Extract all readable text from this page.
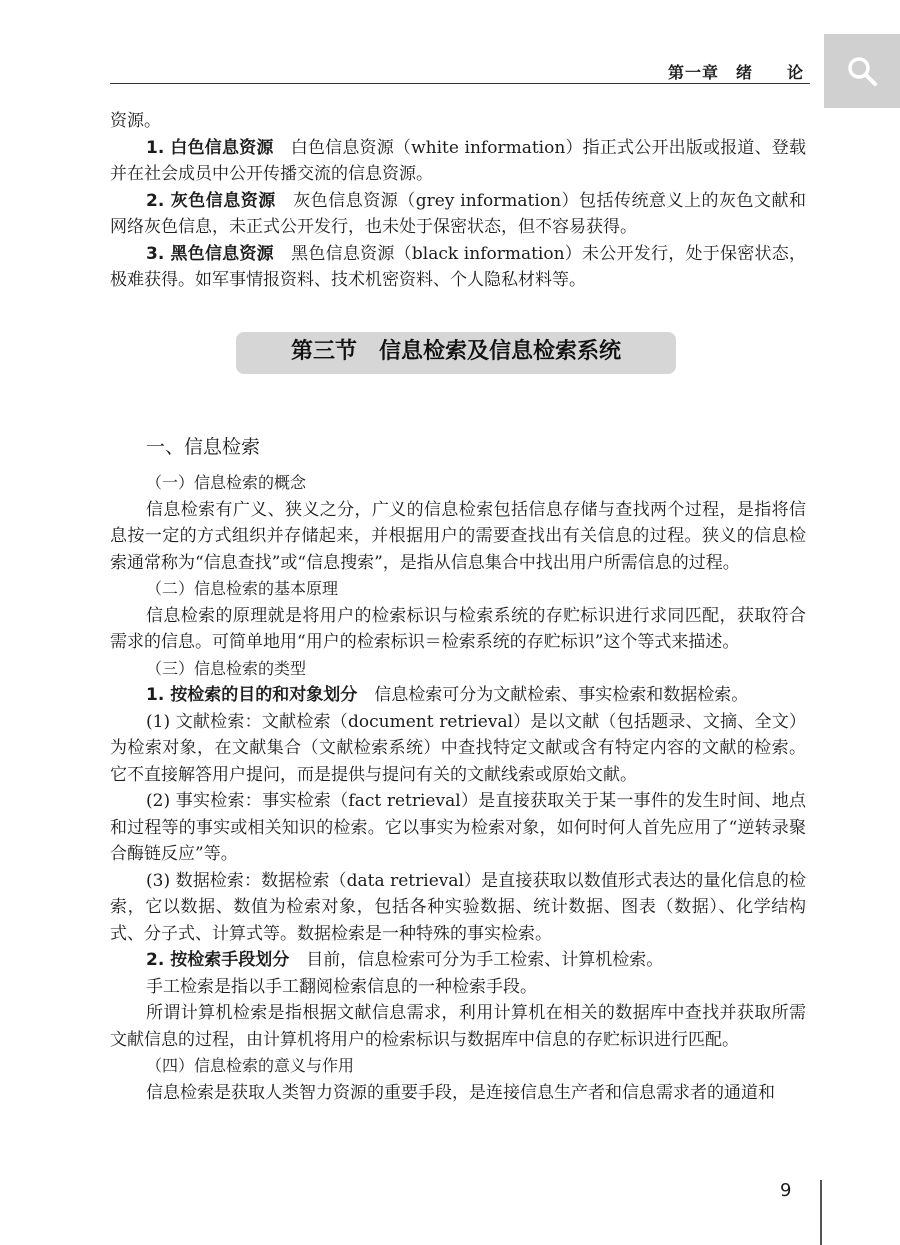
第一章　绪　　论

资源。

1. 白色信息资源　白色信息资源（white information）指正式公开出版或报道、登载并在社会成员中公开传播交流的信息资源。

2. 灰色信息资源　灰色信息资源（grey information）包括传统意义上的灰色文献和网络灰色信息，未正式公开发行，也未处于保密状态，但不容易获得。

3. 黑色信息资源　黑色信息资源（black information）未公开发行，处于保密状态，极难获得。如军事情报资料、技术机密资料、个人隐私材料等。

第三节　信息检索及信息检索系统

一、信息检索

（一）信息检索的概念

信息检索有广义、狭义之分，广义的信息检索包括信息存储与查找两个过程，是指将信息按一定的方式组织并存储起来，并根据用户的需要查找出有关信息的过程。狭义的信息检索通常称为“信息查找”或“信息搜索”，是指从信息集合中找出用户所需信息的过程。

（二）信息检索的基本原理

信息检索的原理就是将用户的检索标识与检索系统的存贮标识进行求同匹配，获取符合需求的信息。可简单地用“用户的检索标识＝检索系统的存贮标识”这个等式来描述。

（三）信息检索的类型

1. 按检索的目的和对象划分　信息检索可分为文献检索、事实检索和数据检索。

(1) 文献检索：文献检索（document retrieval）是以文献（包括题录、文摘、全文）为检索对象，在文献集合（文献检索系统）中查找特定文献或含有特定内容的文献的检索。它不直接解答用户提问，而是提供与提问有关的文献线索或原始文献。

(2) 事实检索：事实检索（fact retrieval）是直接获取关于某一事件的发生时间、地点和过程等的事实或相关知识的检索。它以事实为检索对象，如何时何人首先应用了“逆转录聚合酶链反应”等。

(3) 数据检索：数据检索（data retrieval）是直接获取以数值形式表达的量化信息的检索，它以数据、数值为检索对象，包括各种实验数据、统计数据、图表（数据）、化学结构式、分子式、计算式等。数据检索是一种特殊的事实检索。

2. 按检索手段划分　目前，信息检索可分为手工检索、计算机检索。

手工检索是指以手工翻阅检索信息的一种检索手段。

所谓计算机检索是指根据文献信息需求，利用计算机在相关的数据库中查找并获取所需文献信息的过程，由计算机将用户的检索标识与数据库中信息的存贮标识进行匹配。

（四）信息检索的意义与作用

信息检索是获取人类智力资源的重要手段，是连接信息生产者和信息需求者的通道和

9
